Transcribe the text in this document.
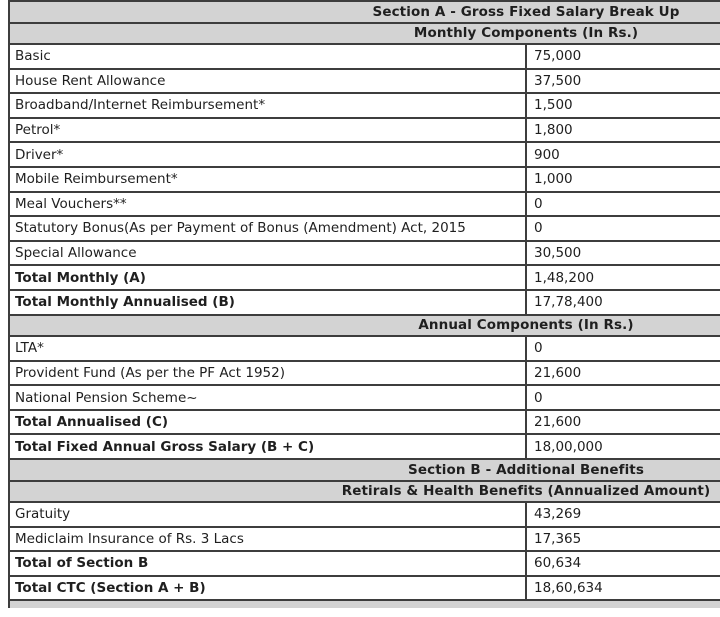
Section A - Gross Fixed Salary Break Up	
Monthly Components (In Rs.)	
Basic	75,000
House Rent Allowance	37,500
Broadband/Internet Reimbursement*	1,500
Petrol*	1,800
Driver*	900
Mobile Reimbursement*	1,000
Meal Vouchers**	0
Statutory Bonus(As per Payment of Bonus (Amendment) Act, 2015	0
Special Allowance	30,500
Total Monthly (A)	1,48,200
Total Monthly Annualised (B)	17,78,400
Annual Components (In Rs.)	
LTA*	0
Provident Fund (As per the PF Act 1952)	21,600
National Pension Scheme~	0
Total Annualised (C)	21,600
Total Fixed Annual Gross Salary (B + C)	18,00,000
Section B - Additional Benefits	
Retirals & Health Benefits (Annualized Amount)	
Gratuity	43,269
Mediclaim Insurance of Rs. 3 Lacs	17,365
Total of Section B	60,634
Total CTC (Section A + B)	18,60,634
